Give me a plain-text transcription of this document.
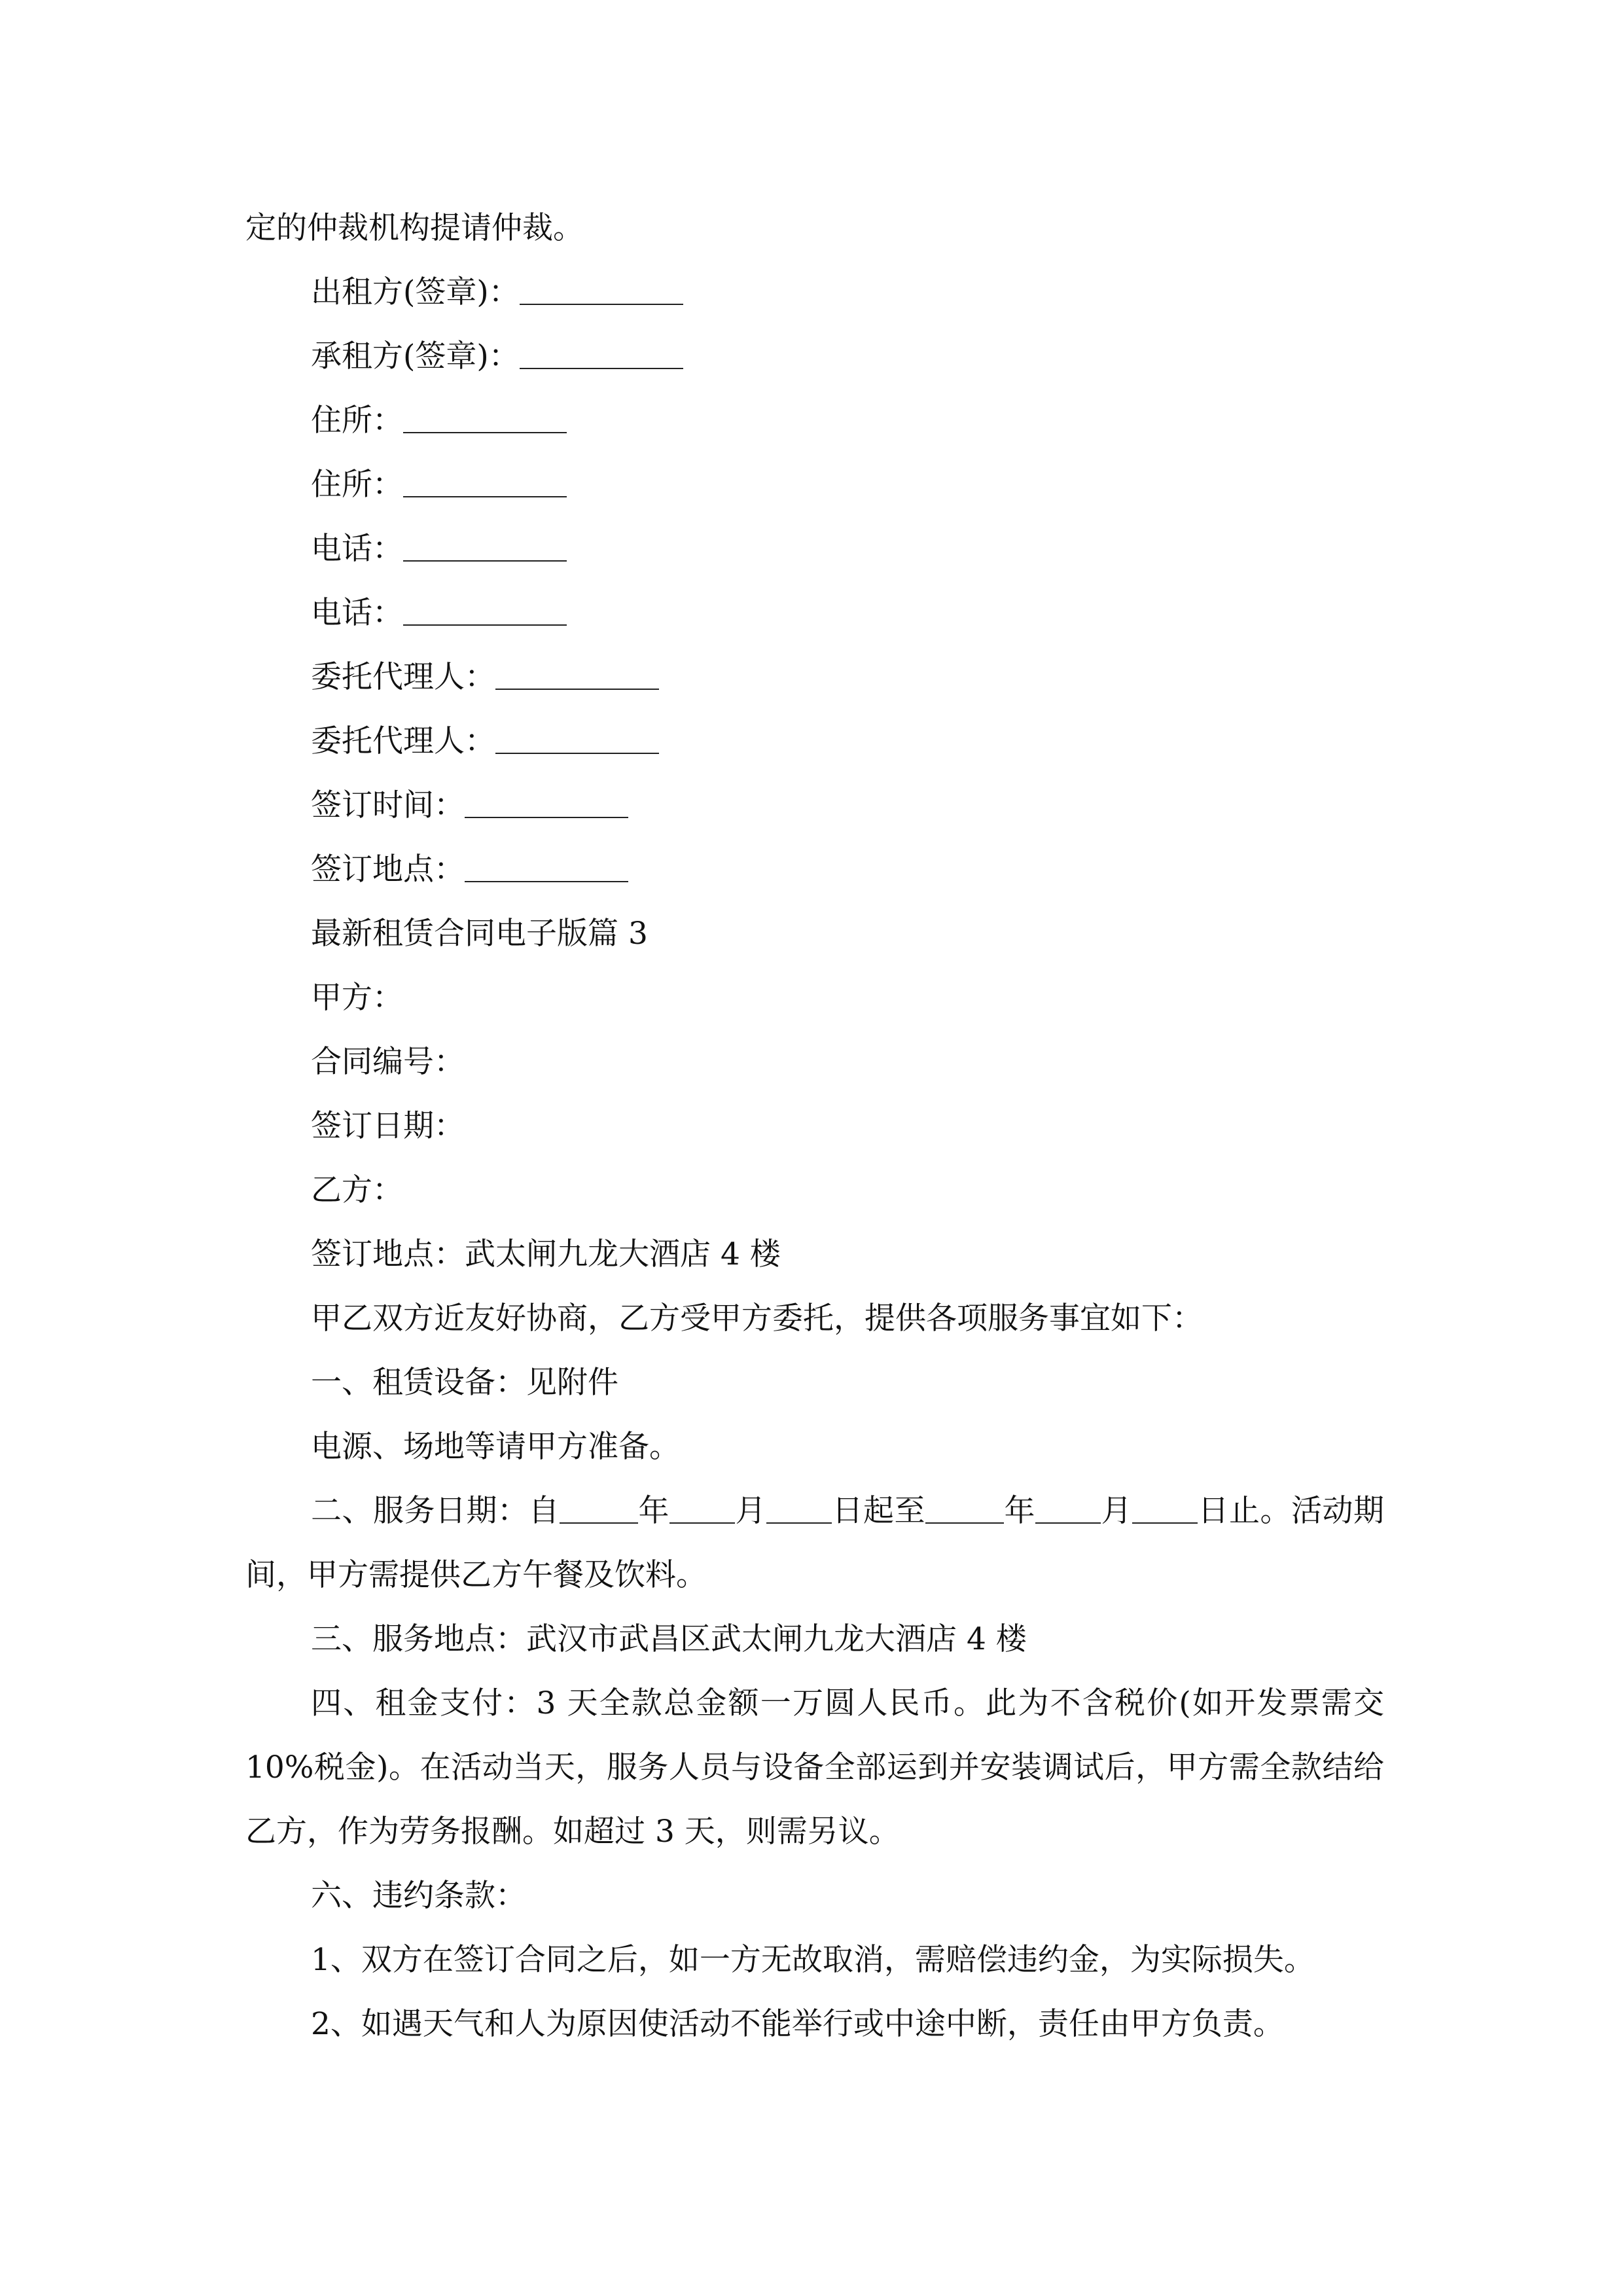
定的仲裁机构提请仲裁。

出租方(签章)：

承租方(签章)：

住所：

住所：

电话：

电话：

委托代理人：

委托代理人：

签订时间：

签订地点：

最新租赁合同电子版篇 3

甲方：

合同编号：

签订日期：

乙方：

签订地点：武太闸九龙大酒店 4 楼

甲乙双方近友好协商，乙方受甲方委托，提供各项服务事宜如下：

一、租赁设备：见附件

电源、场地等请甲方准备。

二、服务日期：自	年 月 日起至	年 月 日止。活动期间，甲方需提供乙方午餐及饮料。

三、服务地点：武汉市武昌区武太闸九龙大酒店 4 楼

四、租金支付：3 天全款总金额一万圆人民币。此为不含税价(如开发票需交 10%税金)。在活动当天，服务人员与设备全部运到并安装调试后，甲方需全款结给乙方，作为劳务报酬。如超过 3 天，则需另议。

六、违约条款：

1、双方在签订合同之后，如一方无故取消，需赔偿违约金，为实际损失。

2、如遇天气和人为原因使活动不能举行或中途中断，责任由甲方负责。
